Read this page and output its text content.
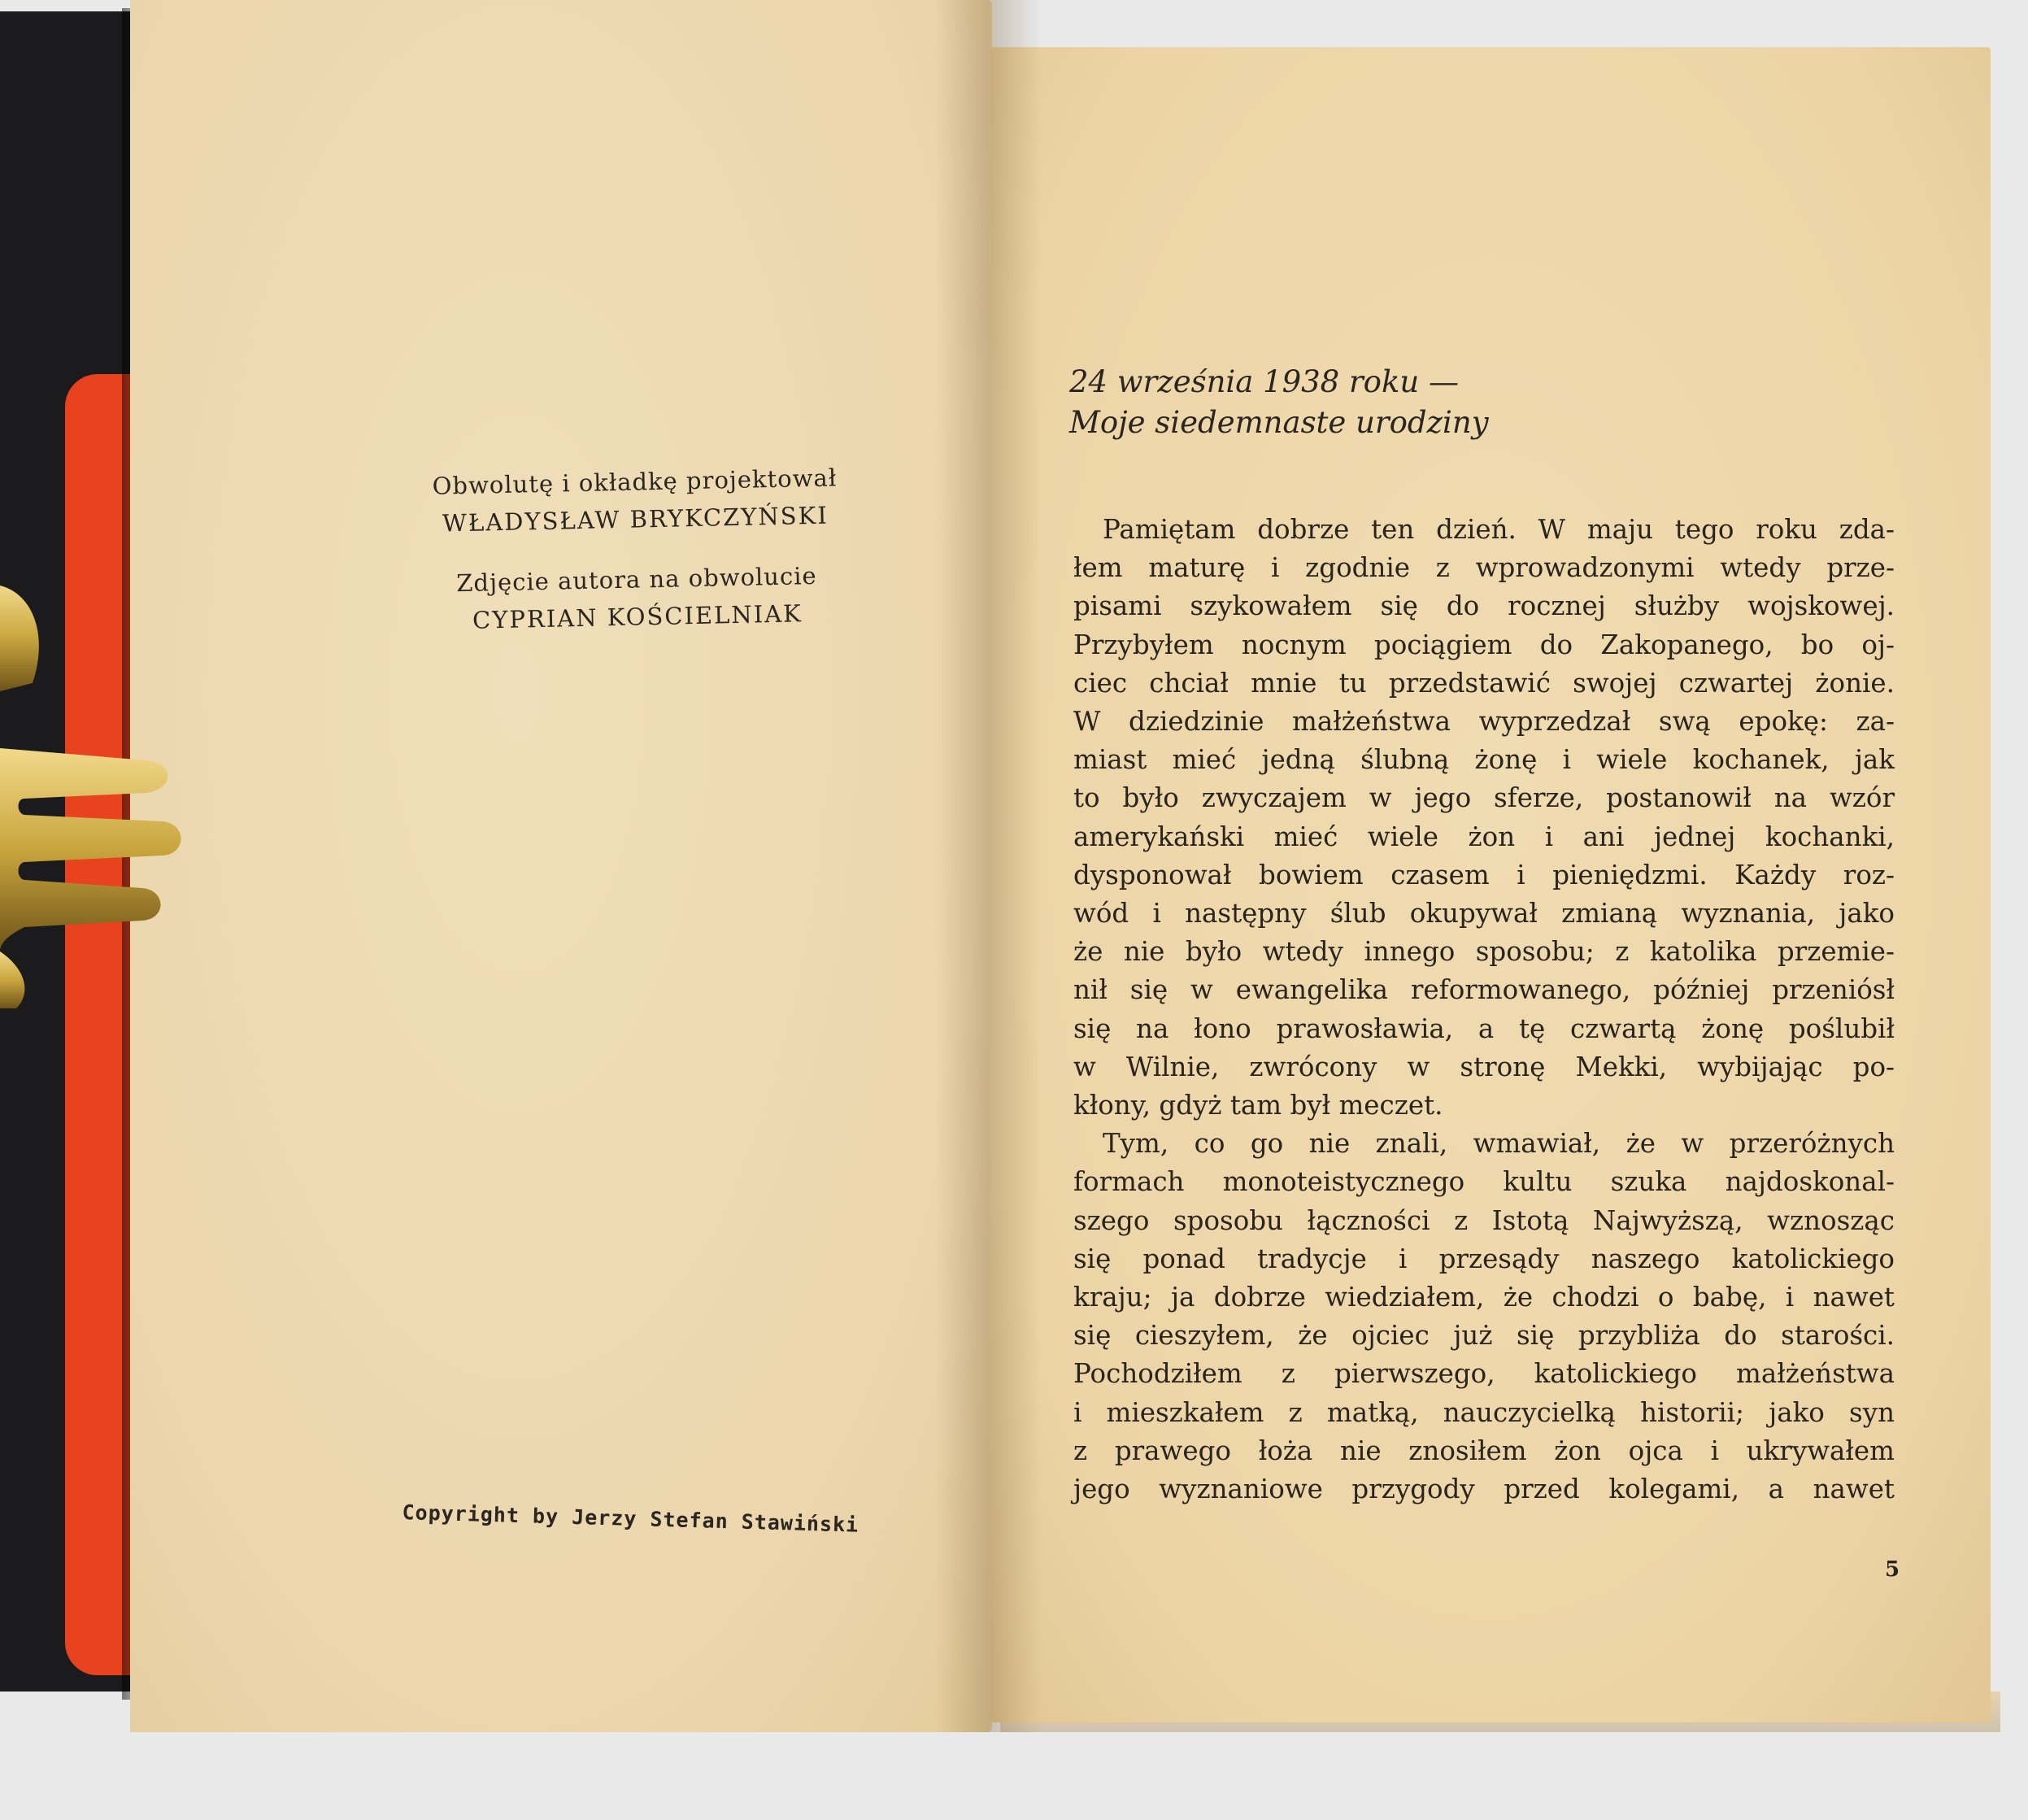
Obwolutę i okładkę projektował
WŁADYSŁAW BRYKCZYŃSKI
Zdjęcie autora na obwolucie
CYPRIAN KOŚCIELNIAK
Copyright by Jerzy Stefan Stawiński
24 września 1938 roku —
Moje siedemnaste urodziny
Pamiętam dobrze ten dzień. W maju tego roku zda-
łem maturę i zgodnie z wprowadzonymi wtedy prze-
pisami szykowałem się do rocznej służby wojskowej.
Przybyłem nocnym pociągiem do Zakopanego, bo oj-
ciec chciał mnie tu przedstawić swojej czwartej żonie.
W dziedzinie małżeństwa wyprzedzał swą epokę: za-
miast mieć jedną ślubną żonę i wiele kochanek, jak
to było zwyczajem w jego sferze, postanowił na wzór
amerykański mieć wiele żon i ani jednej kochanki,
dysponował bowiem czasem i pieniędzmi. Każdy roz-
wód i następny ślub okupywał zmianą wyznania, jako
że nie było wtedy innego sposobu; z katolika przemie-
nił się w ewangelika reformowanego, później przeniósł
się na łono prawosławia, a tę czwartą żonę poślubił
w Wilnie, zwrócony w stronę Mekki, wybijając po-
kłony, gdyż tam był meczet.
Tym, co go nie znali, wmawiał, że w przeróżnych
formach monoteistycznego kultu szuka najdoskonal-
szego sposobu łączności z Istotą Najwyższą, wznosząc
się ponad tradycje i przesądy naszego katolickiego
kraju; ja dobrze wiedziałem, że chodzi o babę, i nawet
się cieszyłem, że ojciec już się przybliża do starości.
Pochodziłem z pierwszego, katolickiego małżeństwa
i mieszkałem z matką, nauczycielką historii; jako syn
z prawego łoża nie znosiłem żon ojca i ukrywałem
jego wyznaniowe przygody przed kolegami, a nawet
5
